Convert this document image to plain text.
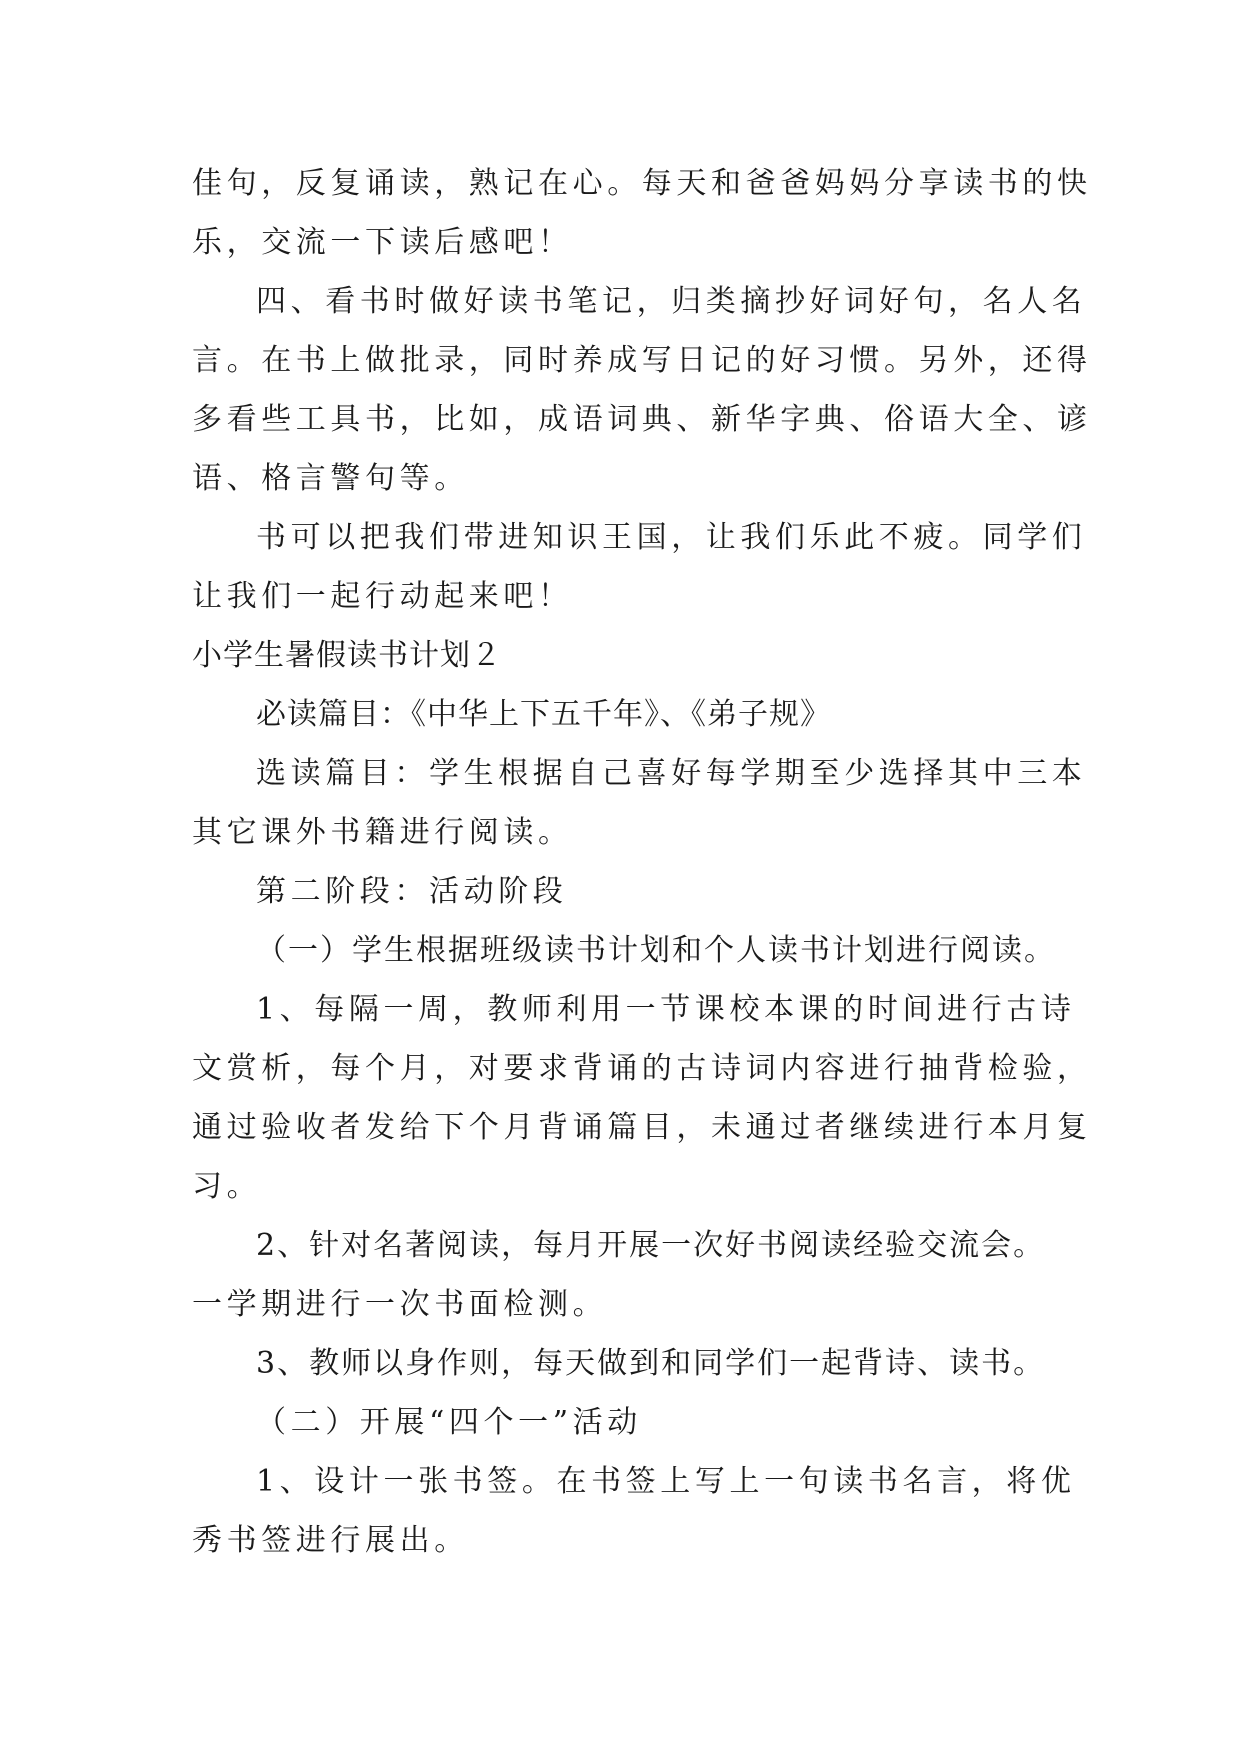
佳句，反复诵读，熟记在心。每天和爸爸妈妈分享读书的快
乐，交流一下读后感吧！
四、看书时做好读书笔记，归类摘抄好词好句，名人名
言。在书上做批录，同时养成写日记的好习惯。另外，还得
多看些工具书，比如，成语词典、新华字典、俗语大全、谚
语、格言警句等。
书可以把我们带进知识王国，让我们乐此不疲。同学们
让我们一起行动起来吧！
小学生暑假读书计划２
必读篇目：《中华上下五千年》、《弟子规》
选读篇目：学生根据自己喜好每学期至少选择其中三本
其它课外书籍进行阅读。
第二阶段：活动阶段
（一）学生根据班级读书计划和个人读书计划进行阅读。
1、每隔一周，教师利用一节课校本课的时间进行古诗
文赏析，每个月，对要求背诵的古诗词内容进行抽背检验，
通过验收者发给下个月背诵篇目，未通过者继续进行本月复
习。
2、针对名著阅读，每月开展一次好书阅读经验交流会。
一学期进行一次书面检测。
3、教师以身作则，每天做到和同学们一起背诗、读书。
（二）开展“四个一”活动
1、设计一张书签。在书签上写上一句读书名言，将优
秀书签进行展出。
